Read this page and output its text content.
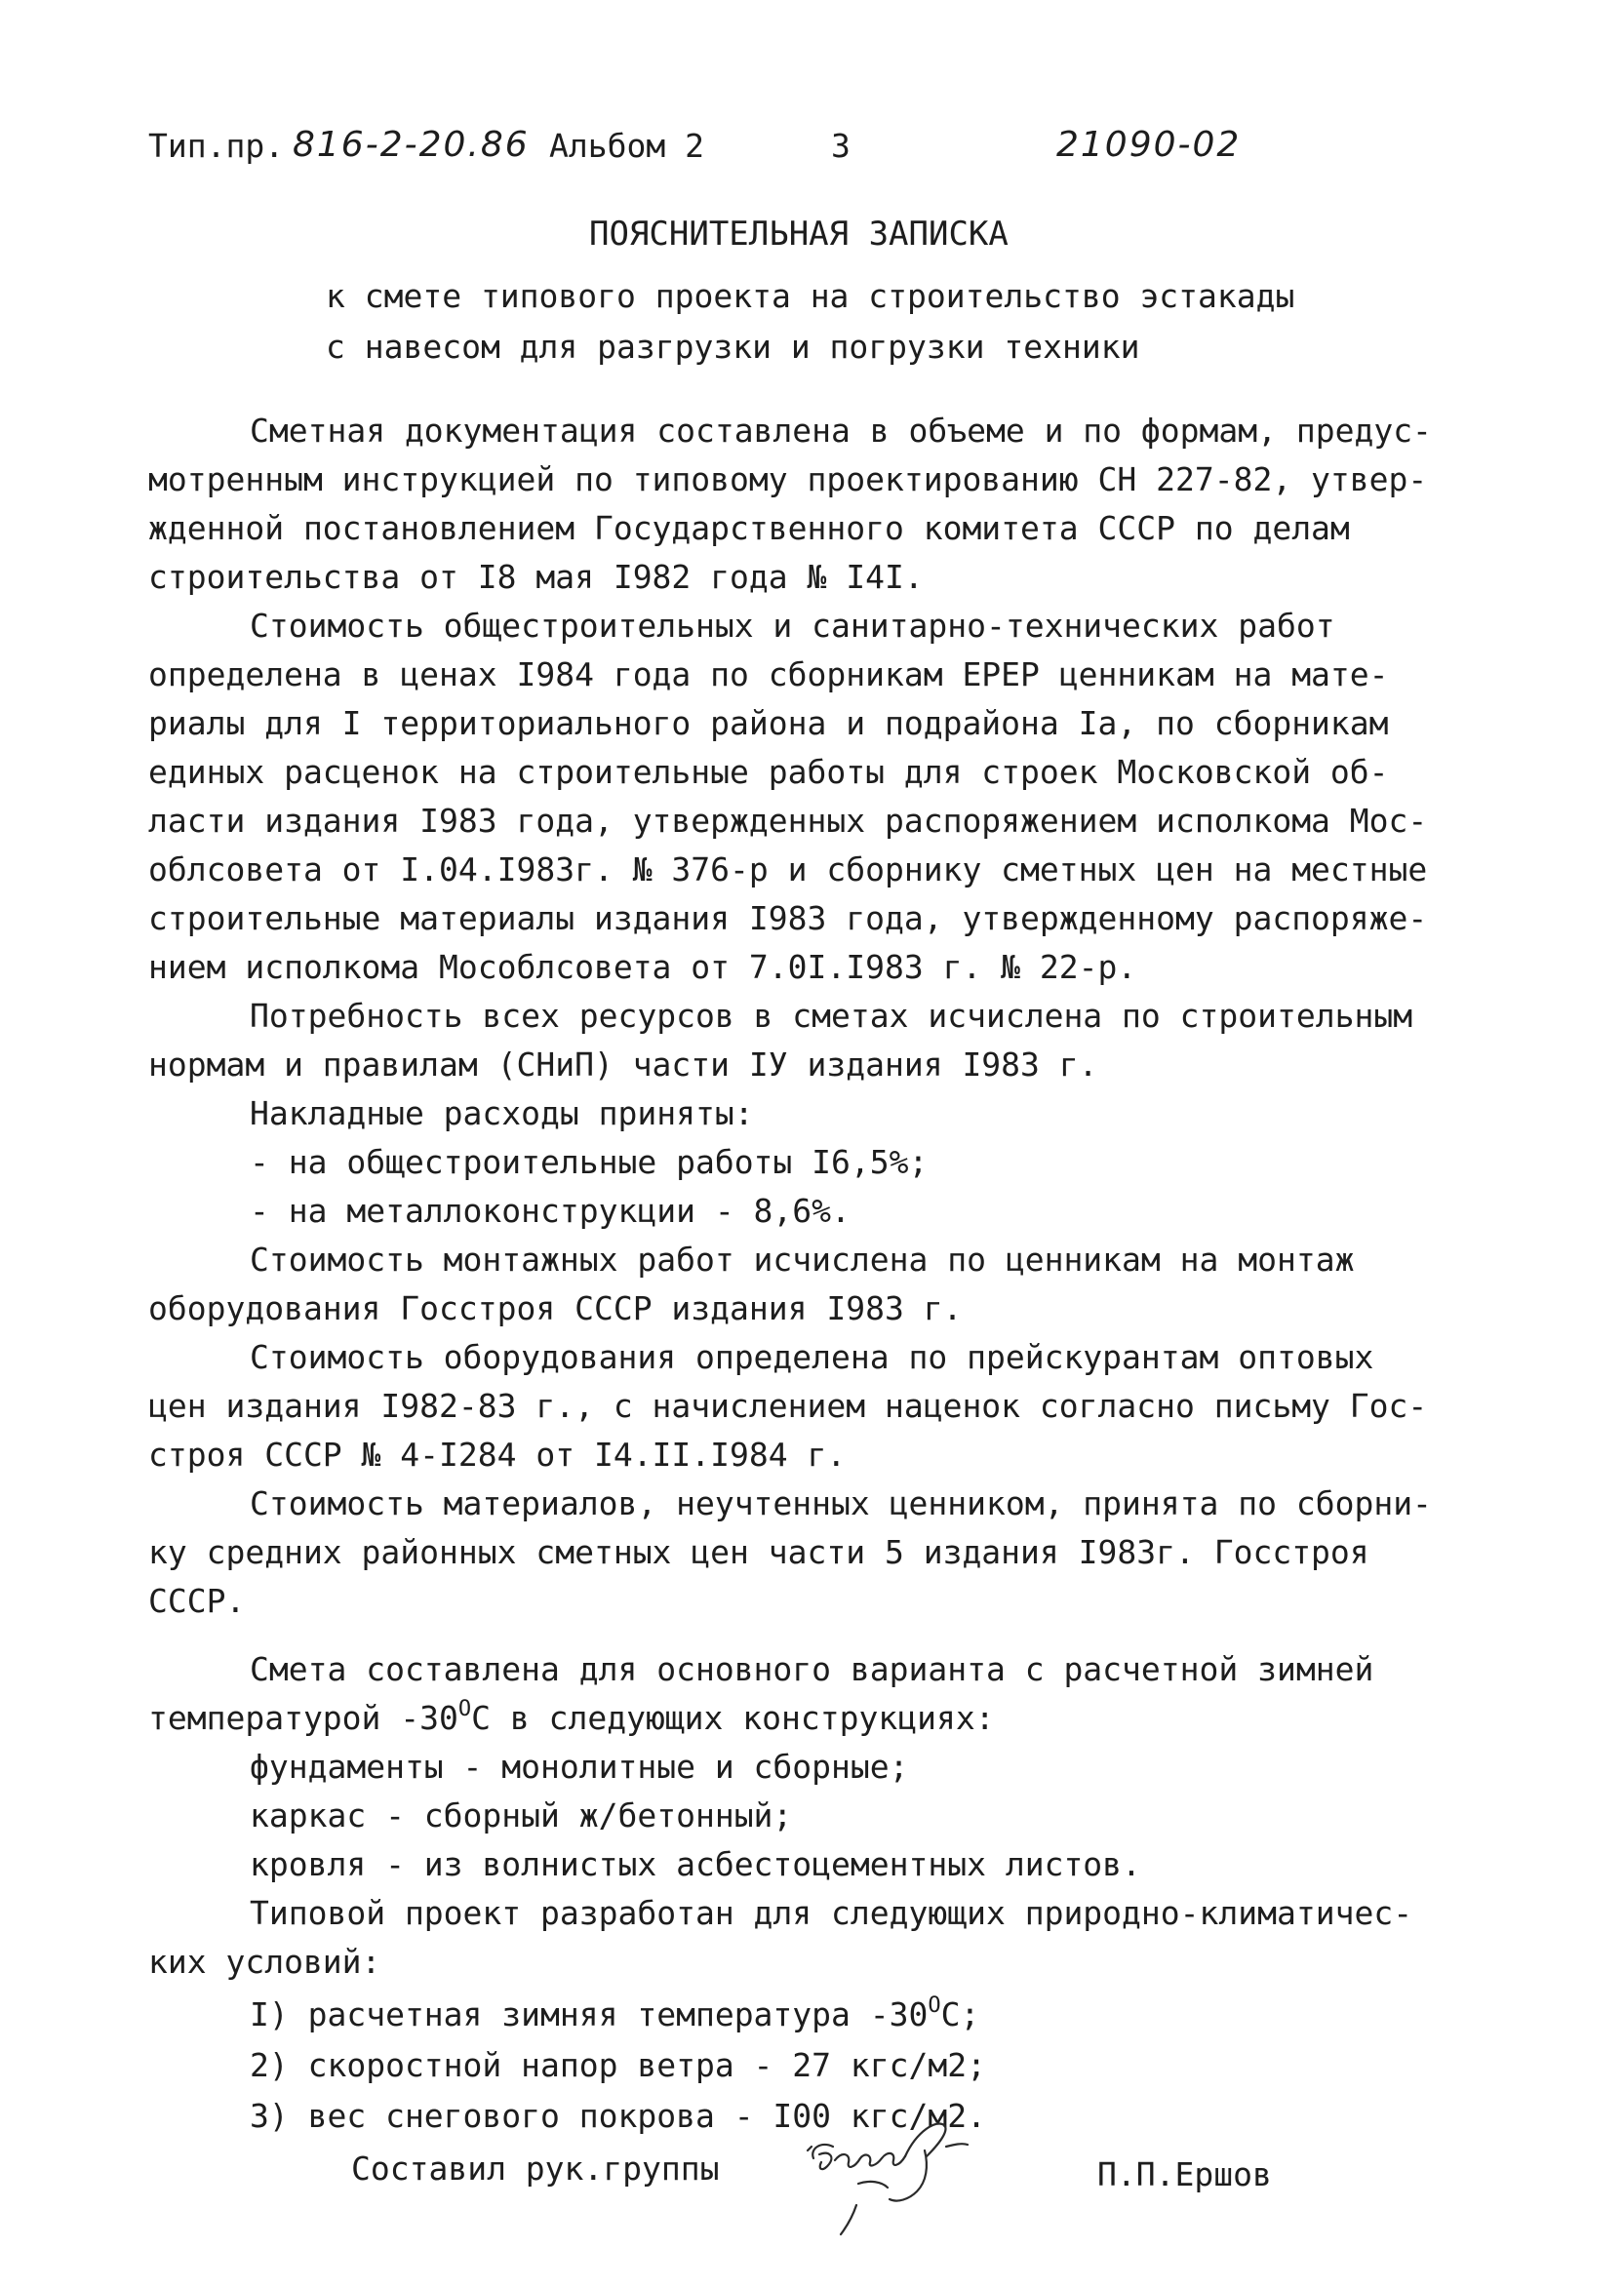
Тип.пр. 816-2-20.86 Альбом 2	3	21090-02
ПОЯСНИТЕЛЬНАЯ ЗАПИСКА
к смете типового проекта на строительство эстакады
с навесом для разгрузки и погрузки техники
Сметная документация составлена в объеме и по формам, предус-
мотренным инструкцией по типовому проектированию СН 227-82, утвер-
жденной постановлением Государственного комитета СССР по делам
строительства от I8 мая I982 года № I4I.
Стоимость общестроительных и санитарно-технических работ
определена в ценах I984 года по сборникам ЕРЕР ценникам на мате-
риалы для I территориального района и подрайона Iа, по сборникам
единых расценок на строительные работы для строек Московской об-
ласти издания I983 года, утвержденных распоряжением исполкома Мос-
облсовета от I.04.I983г. № 376-р и сборнику сметных цен на местные
строительные материалы издания I983 года, утвержденному распоряже-
нием исполкома Мособлсовета от 7.0I.I983 г. № 22-р.
Потребность всех ресурсов в сметах исчислена по строительным
нормам и правилам (СНиП) части IУ издания I983 г.
Накладные расходы приняты:
- на общестроительные работы I6,5%;
- на металлоконструкции - 8,6%.
Стоимость монтажных работ исчислена по ценникам на монтаж
оборудования Госстроя СССР издания I983 г.
Стоимость оборудования определена по прейскурантам оптовых
цен издания I982-83 г., с начислением наценок согласно письму Гос-
строя СССР № 4-I284 от I4.II.I984 г.
Стоимость материалов, неучтенных ценником, принята по сборни-
ку средних районных сметных цен части 5 издания I983г. Госстроя
СССР.
Смета составлена для основного варианта с расчетной зимней
температурой $-30^ОС$ в следующих конструкциях:
фундаменты - монолитные и сборные;
каркас - сборный ж/бетонный;
кровля - из волнистых асбестоцементных листов.
Типовой проект разработан для следующих природно-климатичес-
ких условий:
I) расчетная зимняя температура $-30^ОС$;
2) скоростной напор ветра - 27 кгс/м2;
3) вес снегового покрова - I00 кгс/м2.
Составил рук.группы	П.П.Ершов
